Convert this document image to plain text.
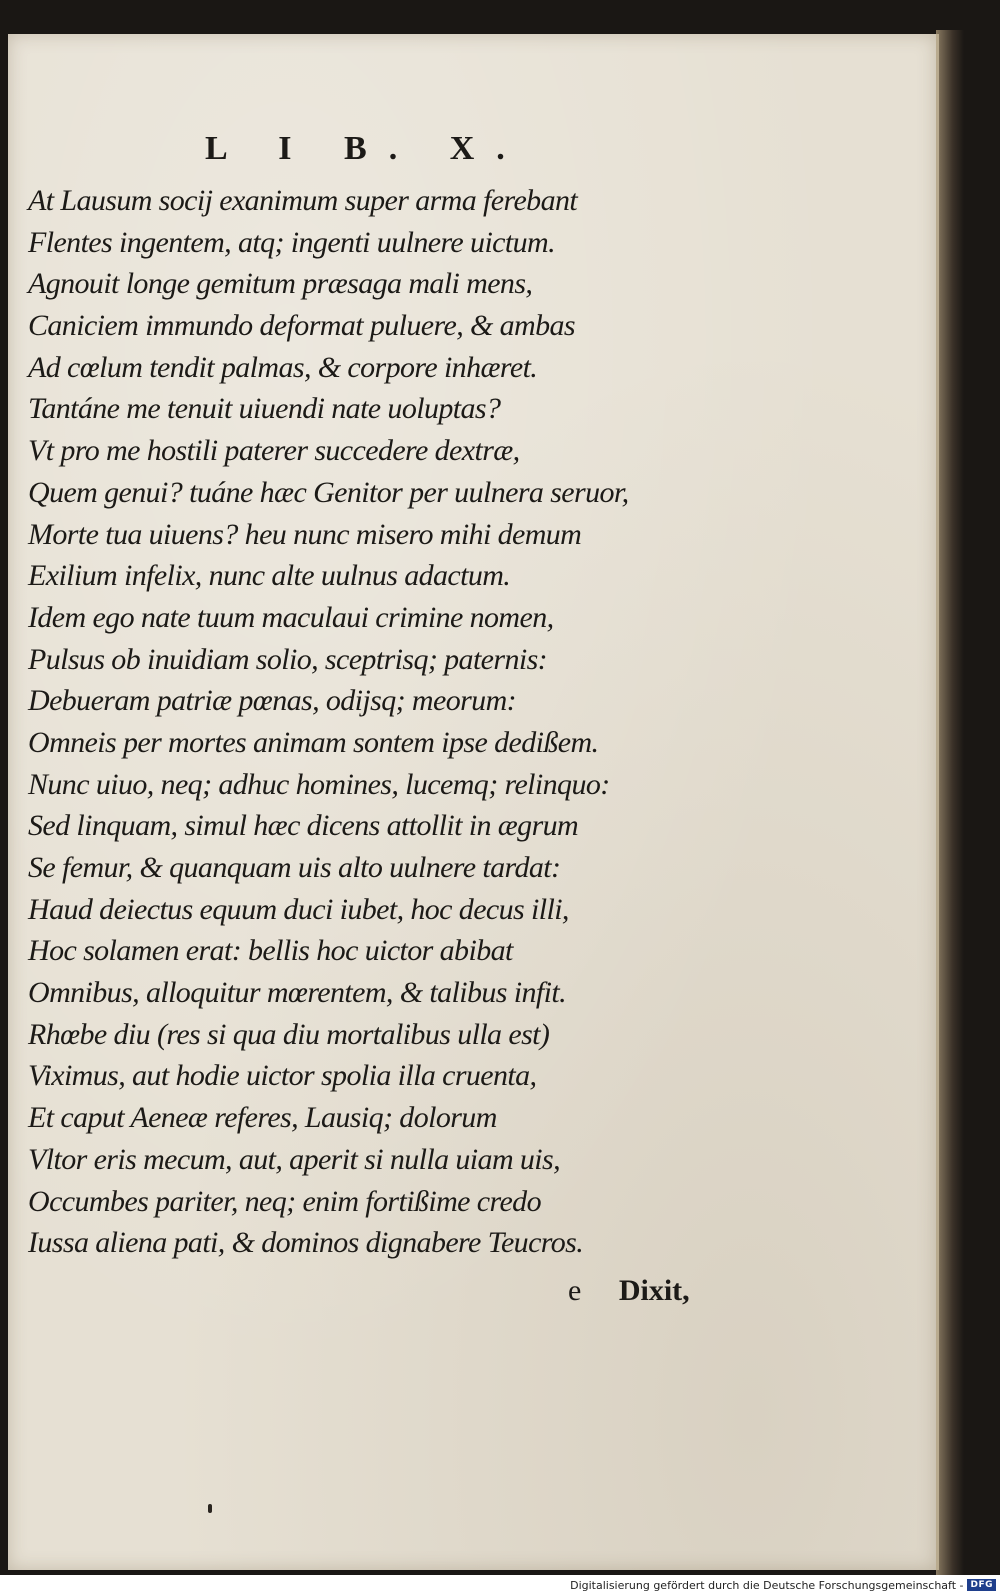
L I B. X.
At Lausum socij exanimum super arma ferebant
Flentes ingentem, atq; ingenti uulnere uictum.
Agnouit longe gemitum præsaga mali mens,
Caniciem immundo deformat puluere, & ambas
Ad cœlum tendit palmas, & corpore inhæret.
Tantáne me tenuit uiuendi nate uoluptas?
Vt pro me hostili paterer succedere dextræ,
Quem genui? tuáne hæc Genitor per uulnera seruor,
Morte tua uiuens? heu nunc misero mihi demum
Exilium infelix, nunc alte uulnus adactum.
Idem ego nate tuum maculaui crimine nomen,
Pulsus ob inuidiam solio, sceptrisq; paternis:
Debueram patriæ pœnas, odijsq; meorum:
Omneis per mortes animam sontem ipse dedißem.
Nunc uiuo, neq; adhuc homines, lucemq; relinquo:
Sed linquam, simul hæc dicens attollit in ægrum
Se femur, & quanquam uis alto uulnere tardat:
Haud deiectus equum duci iubet, hoc decus illi,
Hoc solamen erat: bellis hoc uictor abibat
Omnibus, alloquitur mœrentem, & talibus infit.
Rhœbe diu (res si qua diu mortalibus ulla est)
Viximus, aut hodie uictor spolia illa cruenta,
Et caput Aeneæ referes, Lausiq; dolorum
Vltor eris mecum, aut, aperit si nulla uiam uis,
Occumbes pariter, neq; enim fortißime credo
Iussa aliena pati, & dominos dignabere Teucros.
e Dixit,
Digitalisierung gefördert durch die Deutsche Forschungsgemeinschaft - DFG
